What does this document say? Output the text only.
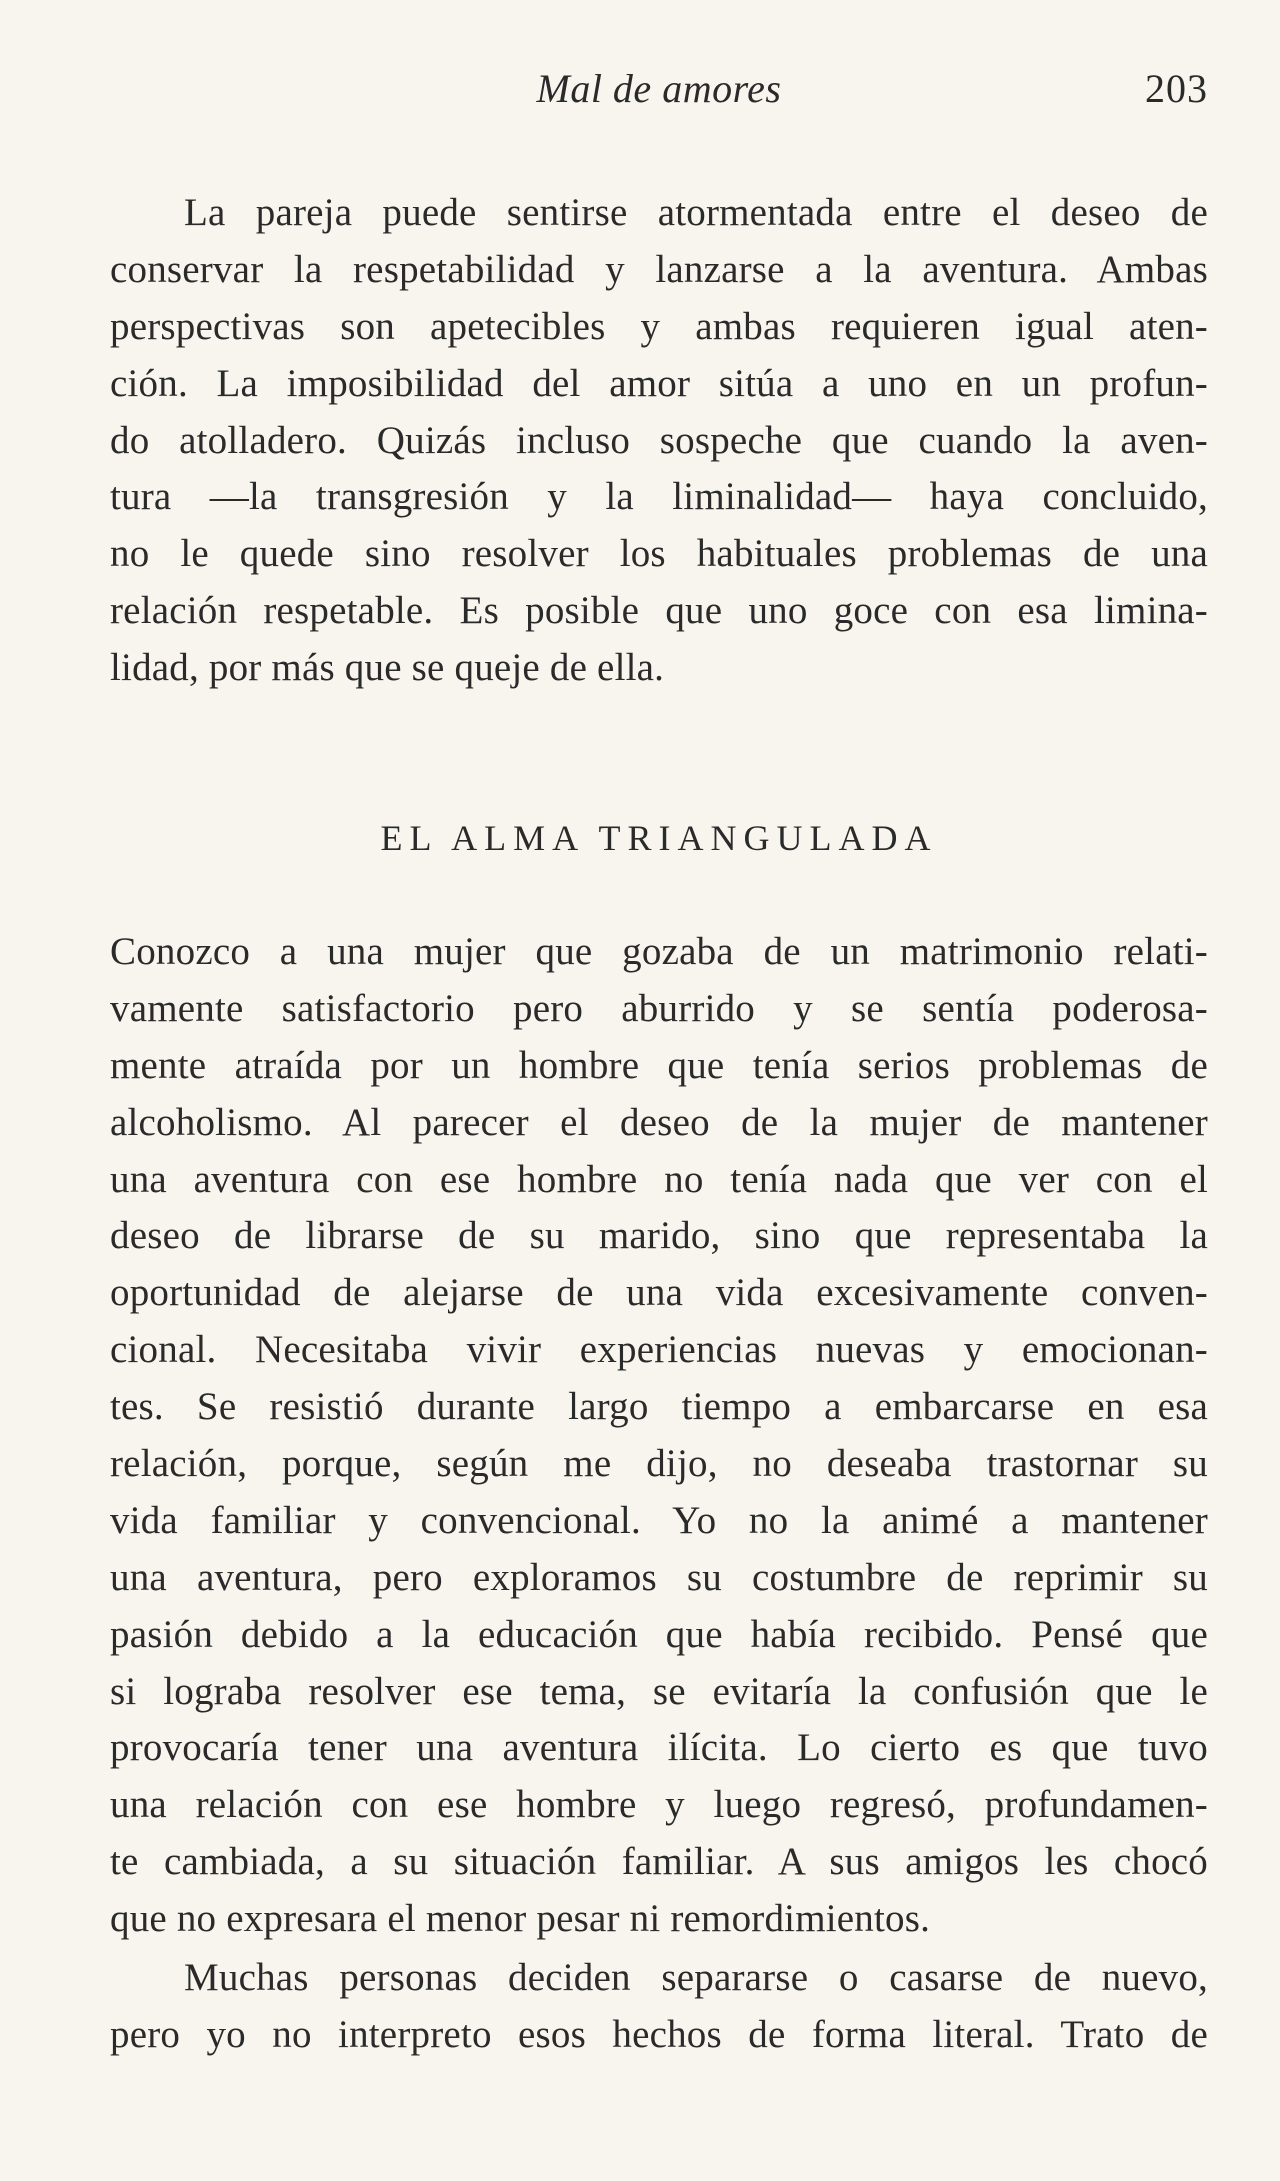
Mal de amores	203
La pareja puede sentirse atormentada entre el deseo de
conservar la respetabilidad y lanzarse a la aventura. Ambas
perspectivas son apetecibles y ambas requieren igual aten-
ción. La imposibilidad del amor sitúa a uno en un profun-
do atolladero. Quizás incluso sospeche que cuando la aven-
tura —la transgresión y la liminalidad— haya concluido,
no le quede sino resolver los habituales problemas de una
relación respetable. Es posible que uno goce con esa limina-
lidad, por más que se queje de ella.
EL ALMA TRIANGULADA
Conozco a una mujer que gozaba de un matrimonio relati-
vamente satisfactorio pero aburrido y se sentía poderosa-
mente atraída por un hombre que tenía serios problemas de
alcoholismo. Al parecer el deseo de la mujer de mantener
una aventura con ese hombre no tenía nada que ver con el
deseo de librarse de su marido, sino que representaba la
oportunidad de alejarse de una vida excesivamente conven-
cional. Necesitaba vivir experiencias nuevas y emocionan-
tes. Se resistió durante largo tiempo a embarcarse en esa
relación, porque, según me dijo, no deseaba trastornar su
vida familiar y convencional. Yo no la animé a mantener
una aventura, pero exploramos su costumbre de reprimir su
pasión debido a la educación que había recibido. Pensé que
si lograba resolver ese tema, se evitaría la confusión que le
provocaría tener una aventura ilícita. Lo cierto es que tuvo
una relación con ese hombre y luego regresó, profundamen-
te cambiada, a su situación familiar. A sus amigos les chocó
que no expresara el menor pesar ni remordimientos.
Muchas personas deciden separarse o casarse de nuevo,
pero yo no interpreto esos hechos de forma literal. Trato de
